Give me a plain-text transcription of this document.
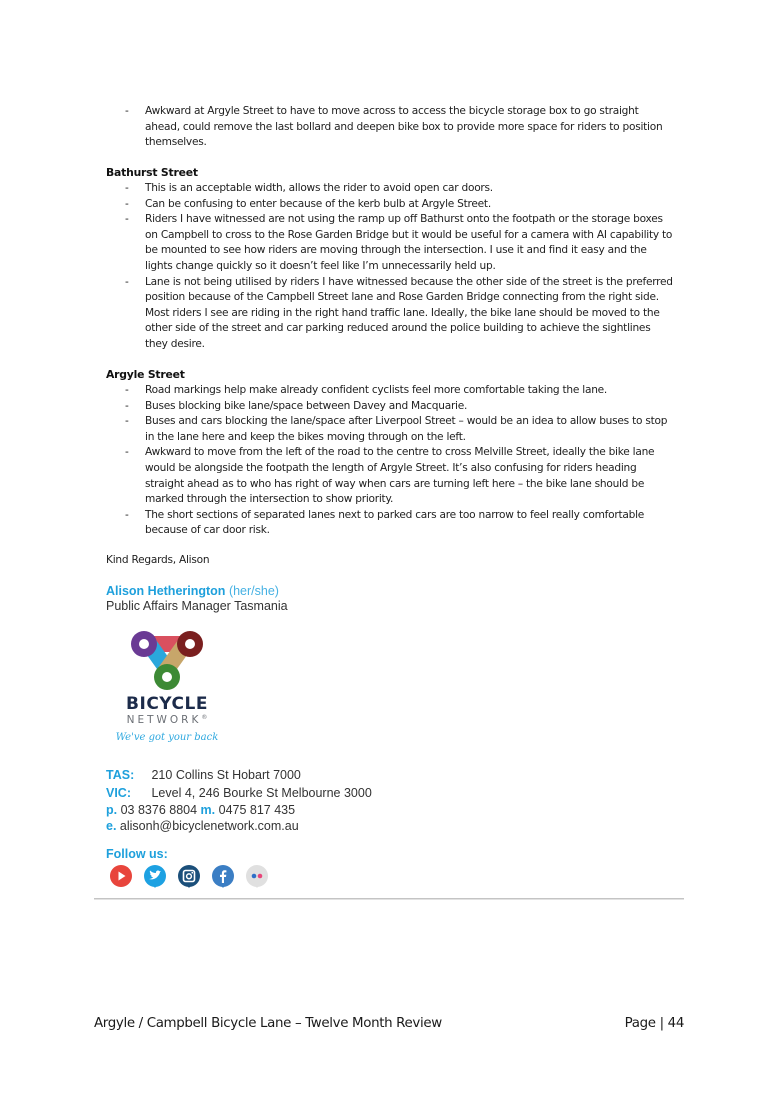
- Awkward at Argyle Street to have to move across to access the bicycle storage box to go straight ahead, could remove the last bollard and deepen bike box to provide more space for riders to position themselves.
Bathurst Street
- This is an acceptable width, allows the rider to avoid open car doors.
- Can be confusing to enter because of the kerb bulb at Argyle Street.
- Riders I have witnessed are not using the ramp up off Bathurst onto the footpath or the storage boxes on Campbell to cross to the Rose Garden Bridge but it would be useful for a camera with AI capability to be mounted to see how riders are moving through the intersection. I use it and find it easy and the lights change quickly so it doesn’t feel like I’m unnecessarily held up.
- Lane is not being utilised by riders I have witnessed because the other side of the street is the preferred position because of the Campbell Street lane and Rose Garden Bridge connecting from the right side. Most riders I see are riding in the right hand traffic lane. Ideally, the bike lane should be moved to the other side of the street and car parking reduced around the police building to achieve the sightlines they desire.
Argyle Street
- Road markings help make already confident cyclists feel more comfortable taking the lane.
- Buses blocking bike lane/space between Davey and Macquarie.
- Buses and cars blocking the lane/space after Liverpool Street – would be an idea to allow buses to stop in the lane here and keep the bikes moving through on the left.
- Awkward to move from the left of the road to the centre to cross Melville Street, ideally the bike lane would be alongside the footpath the length of Argyle Street. It’s also confusing for riders heading straight ahead as to who has right of way when cars are turning left here – the bike lane should be marked through the intersection to show priority.
- The short sections of separated lanes next to parked cars are too narrow to feel really comfortable because of car door risk.
Kind Regards, Alison
Alison Hetherington (her/she)
Public Affairs Manager Tasmania
BICYCLE
NETWORK®
We've got your back
TAS: 210 Collins St Hobart 7000
VIC: Level 4, 246 Bourke St Melbourne 3000
p. 03 8376 8804 m. 0475 817 435
e. alisonh@bicyclenetwork.com.au
Follow us:
Argyle / Campbell Bicycle Lane – Twelve Month Review	Page | 44
